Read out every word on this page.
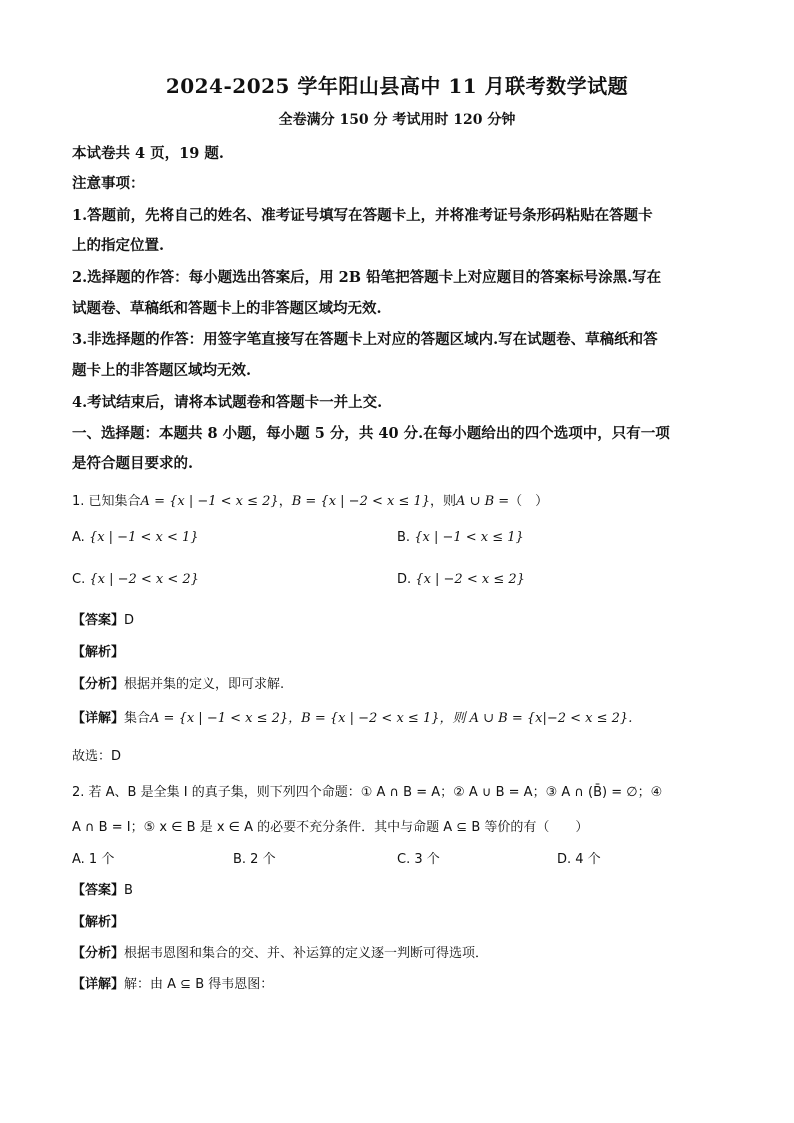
2024-2025 学年阳山县高中 11 月联考数学试题
全卷满分 150 分 考试用时 120 分钟
本试卷共 4 页，19 题.
注意事项：
1.答题前，先将自己的姓名、准考证号填写在答题卡上，并将准考证号条形码粘贴在答题卡
上的指定位置.
2.选择题的作答：每小题选出答案后，用 2B 铅笔把答题卡上对应题目的答案标号涂黑.写在
试题卷、草稿纸和答题卡上的非答题区域均无效.
3.非选择题的作答：用签字笔直接写在答题卡上对应的答题区域内.写在试题卷、草稿纸和答
题卡上的非答题区域均无效.
4.考试结束后，请将本试题卷和答题卡一并上交.
一、选择题：本题共 8 小题，每小题 5 分，共 40 分.在每小题给出的四个选项中，只有一项
是符合题目要求的.
1. 已知集合A = {x | −1 < x ≤ 2}，B = {x | −2 < x ≤ 1}，则A ∪ B =（　）
A. {x | −1 < x < 1}	B. {x | −1 < x ≤ 1}
C. {x | −2 < x < 2}	D. {x | −2 < x ≤ 2}
【答案】D
【解析】
【分析】根据并集的定义，即可求解.
【详解】集合A = {x | −1 < x ≤ 2}，B = {x | −2 < x ≤ 1}，则 A ∪ B = {x|−2 < x ≤ 2}.
故选：D
2. 若 A、B 是全集 I 的真子集，则下列四个命题：① A ∩ B = A；② A ∪ B = A；③ A ∩ (B̄) = ∅；④
A ∩ B = I；⑤ x ∈ B 是 x ∈ A 的必要不充分条件．其中与命题 A ⊆ B 等价的有（　　）
A. 1 个	B. 2 个	C. 3 个	D. 4 个
【答案】B
【解析】
【分析】根据韦恩图和集合的交、并、补运算的定义逐一判断可得选项．
【详解】解：由 A ⊆ B 得韦恩图：
